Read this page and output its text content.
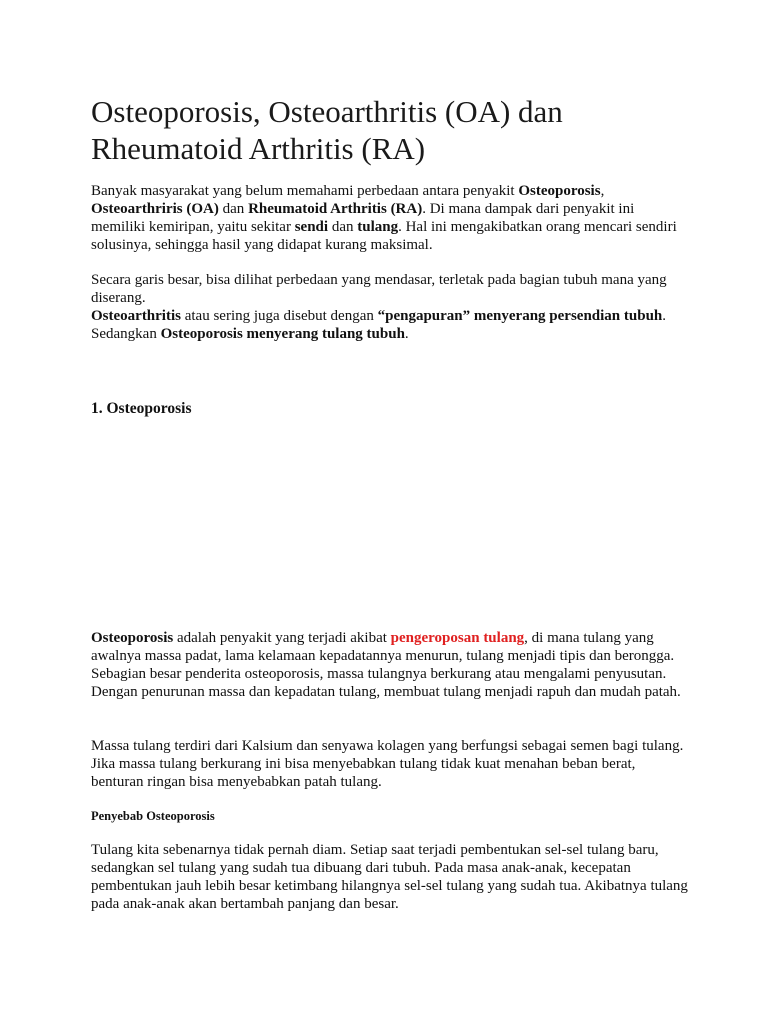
Osteoporosis, Osteoarthritis (OA) dan Rheumatoid Arthritis (RA)

Banyak masyarakat yang belum memahami perbedaan antara penyakit Osteoporosis, Osteoarthriris (OA) dan Rheumatoid Arthritis (RA). Di mana dampak dari penyakit ini memiliki kemiripan, yaitu sekitar sendi dan tulang. Hal ini mengakibatkan orang mencari sendiri solusinya, sehingga hasil yang didapat kurang maksimal.

Secara garis besar, bisa dilihat perbedaan yang mendasar, terletak pada bagian tubuh mana yang diserang.

Osteoarthritis atau sering juga disebut dengan “pengapuran” menyerang persendian tubuh. Sedangkan Osteoporosis menyerang tulang tubuh.

1. Osteoporosis

Osteoporosis adalah penyakit yang terjadi akibat pengeroposan tulang, di mana tulang yang awalnya massa padat, lama kelamaan kepadatannya menurun, tulang menjadi tipis dan berongga. Sebagian besar penderita osteoporosis, massa tulangnya berkurang atau mengalami penyusutan. Dengan penurunan massa dan kepadatan tulang, membuat tulang menjadi rapuh dan mudah patah.

Massa tulang terdiri dari Kalsium dan senyawa kolagen yang berfungsi sebagai semen bagi tulang. Jika massa tulang berkurang ini bisa menyebabkan tulang tidak kuat menahan beban berat, benturan ringan bisa menyebabkan patah tulang.

Penyebab Osteoporosis

Tulang kita sebenarnya tidak pernah diam. Setiap saat terjadi pembentukan sel-sel tulang baru, sedangkan sel tulang yang sudah tua dibuang dari tubuh. Pada masa anak-anak, kecepatan pembentukan jauh lebih besar ketimbang hilangnya sel-sel tulang yang sudah tua. Akibatnya tulang pada anak-anak akan bertambah panjang dan besar.
